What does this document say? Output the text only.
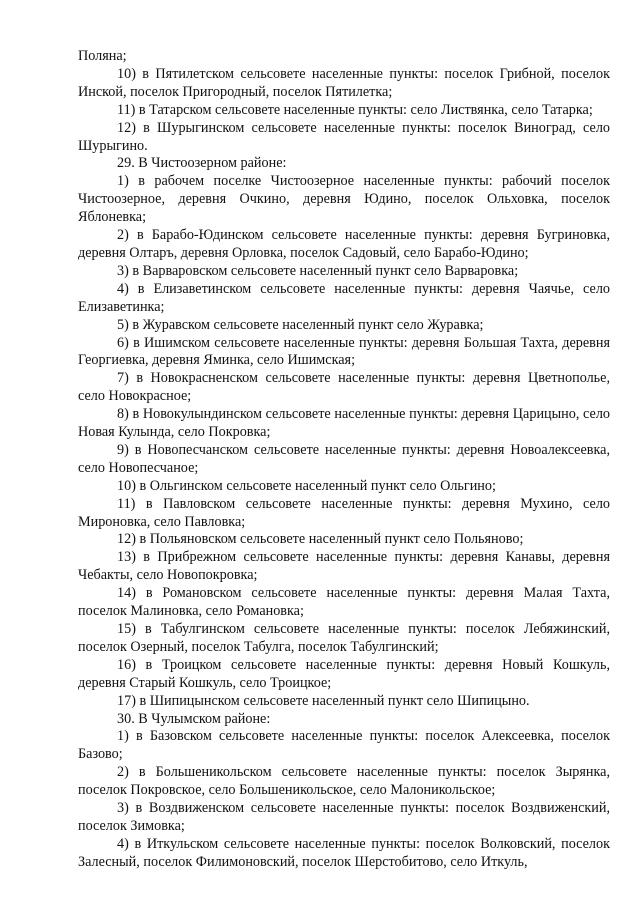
Поляна;

10) в Пятилетском сельсовете населенные пункты: поселок Грибной, поселок Инской, поселок Пригородный, поселок Пятилетка;

11) в Татарском сельсовете населенные пункты: село Листвянка, село Татарка;

12) в Шурыгинском сельсовете населенные пункты: поселок Виноград, село Шурыгино.

29. В Чистоозерном районе:

1) в рабочем поселке Чистоозерное населенные пункты: рабочий поселок Чистоозерное, деревня Очкино, деревня Юдино, поселок Ольховка, поселок Яблоневка;

2) в Барабо-Юдинском сельсовете населенные пункты: деревня Бугриновка, деревня Олтаръ, деревня Орловка, поселок Садовый, село Барабо-Юдино;

3) в Варваровском сельсовете населенный пункт село Варваровка;

4) в Елизаветинском сельсовете населенные пункты: деревня Чаячье, село Елизаветинка;

5) в Журавском сельсовете населенный пункт село Журавка;

6) в Ишимском сельсовете населенные пункты: деревня Большая Тахта, деревня Георгиевка, деревня Яминка, село Ишимская;

7) в Новокрасненском сельсовете населенные пункты: деревня Цветнополье, село Новокрасное;

8) в Новокулындинском сельсовете населенные пункты: деревня Царицыно, село Новая Кулында, село Покровка;

9) в Новопесчанском сельсовете населенные пункты: деревня Новоалексеевка, село Новопесчаное;

10) в Ольгинском сельсовете населенный пункт село Ольгино;

11) в Павловском сельсовете населенные пункты: деревня Мухино, село Мироновка, село Павловка;

12) в Польяновском сельсовете населенный пункт село Польяново;

13) в Прибрежном сельсовете населенные пункты: деревня Канавы, деревня Чебакты, село Новопокровка;

14) в Романовском сельсовете населенные пункты: деревня Малая Тахта, поселок Малиновка, село Романовка;

15) в Табулгинском сельсовете населенные пункты: поселок Лебяжинский, поселок Озерный, поселок Табулга, поселок Табулгинский;

16) в Троицком сельсовете населенные пункты: деревня Новый Кошкуль, деревня Старый Кошкуль, село Троицкое;

17) в Шипицынском сельсовете населенный пункт село Шипицыно.

30. В Чулымском районе:

1) в Базовском сельсовете населенные пункты: поселок Алексеевка, поселок Базово;

2) в Большеникольском сельсовете населенные пункты: поселок Зырянка, поселок Покровское, село Большеникольское, село Малоникольское;

3) в Воздвиженском сельсовете населенные пункты: поселок Воздвиженский, поселок Зимовка;

4) в Иткульском сельсовете населенные пункты: поселок Волковский, поселок Залесный, поселок Филимоновский, поселок Шерстобитово, село Иткуль,
